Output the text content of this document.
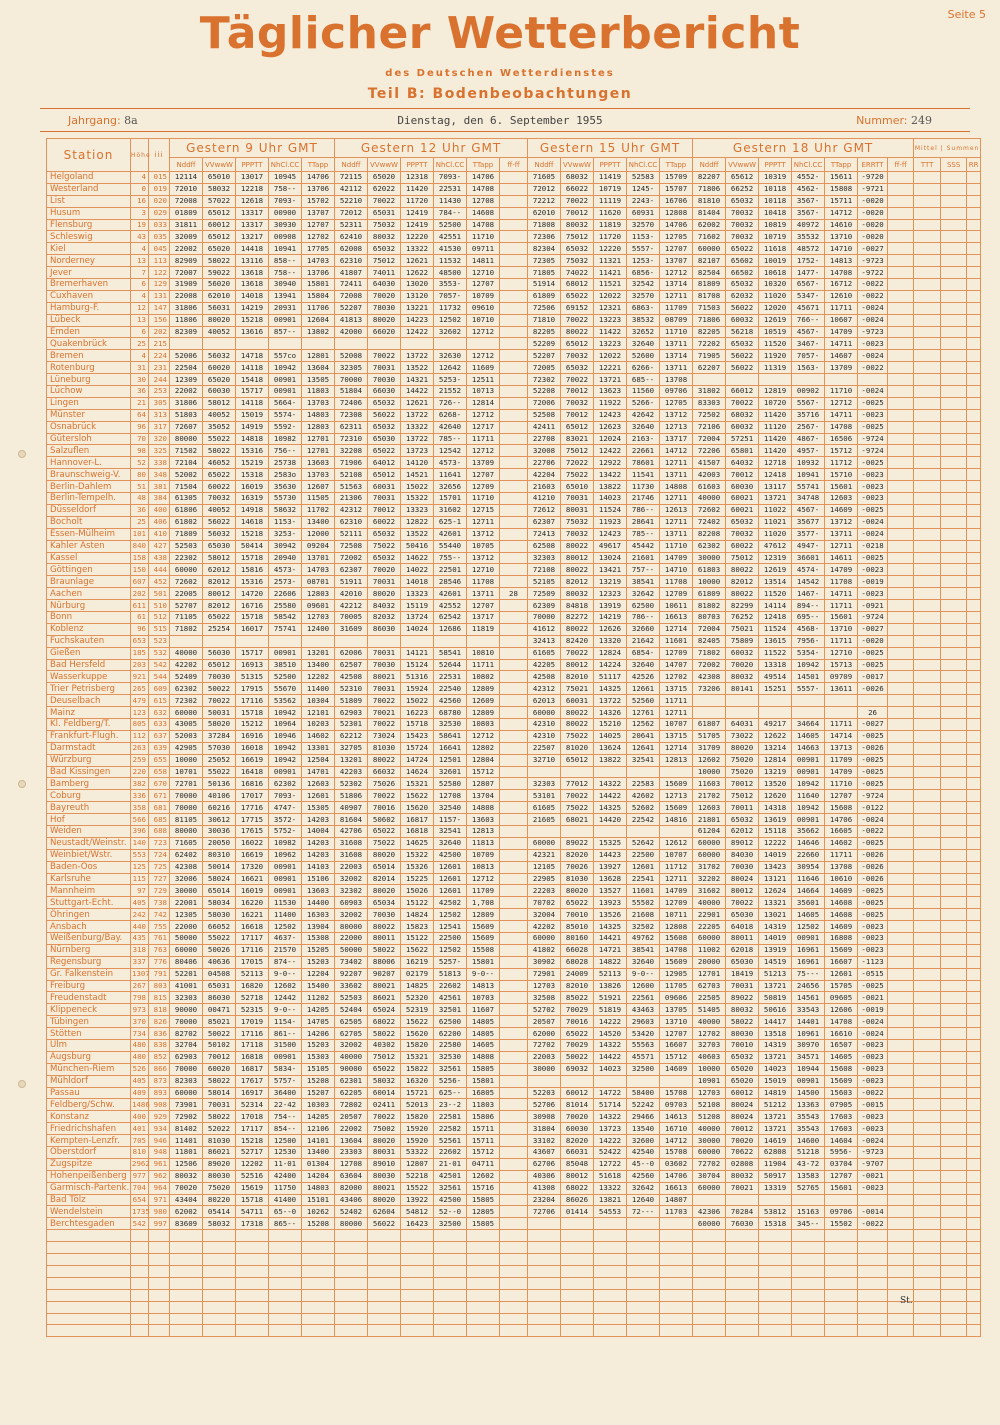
Seite 5
Täglicher Wetterbericht
des Deutschen Wetterdienstes
Teil B: Bodenbeobachtungen
Jahrgang: 8a	Dienstag, den 6. September 1955	Nummer: 249
Station	Höhe	iii	Gestern 9 Uhr GMT					Gestern 12 Uhr GMT						Gestern 15 Uhr GMT					Gestern 18 Uhr GMT							Mittel | Summen		
			Nddff	VVwwW	PPPTT	NhCl.CC	TTapp	Nddff	VVwwW	PPPTT	NhCl.CC	TTapp	ff-ff	Nddff	VVwwW	PPPTT	NhCl.CC	TTapp	Nddff	VVwwW	PPPTT	NhCl.CC	TTapp	ERRTT	ff-ff	TTT	SSS	RR
Helgoland	4	015	12114	65010	13017	10945	14706	72115	65020	12318	7093-	14706		71605	68032	11419	52583	15709	82207	65612	10319	4552-	15611	-9720				
Westerland	0	019	72010	58032	12218	758--	13706	42112	62022	11420	22531	14708		72012	66022	10719	1245-	15707	71806	66252	10118	4562-	15808	-9721				
List	16	020	72008	57022	12618	7093-	15702	52210	70022	11720	11430	12708		72212	70022	11119	2243-	16706	81810	65032	10118	3567-	15711	-0020				
Husum	3	029	01809	65012	13317	00900	13707	72012	65031	12419	784--	14608		62010	70012	11620	60931	12808	81404	70032	10418	3567-	14712	-0020				
Flensburg	19	033	31811	60012	13317	30930	12707	52311	75032	12419	52500	14708		71808	80032	11819	32570	14706	62002	70032	10819	40972	14610	-0020				
Schleswig	43	035	32009	65012	13217	00908	12702	62410	80032	12220	42551	11710		72306	75012	11720	1153-	12705	71602	70032	10719	35532	13710	-0020				
Kiel	4	045	22002	65020	14418	10941	17705	62008	65032	13322	41530	09711		82304	65032	12220	5557-	12707	60000	65022	11618	48572	14710	-0027				
Norderney	13	113	82909	58022	13116	858--	14703	62310	75012	12621	11532	14811		72305	75032	11321	1253-	13707	82107	65602	10019	1752-	14813	-9723				
Jever	7	122	72007	59022	13618	758--	13706	41807	74011	12622	48500	12710		71805	74022	11421	6856-	12712	82504	66502	10618	1477-	14708	-9722				
Bremerhaven	6	129	31909	56020	13618	30940	15801	72411	64030	13020	3553-	12707		51914	68012	11521	32542	13714	81809	65032	10320	6567-	16712	-0022				
Cuxhaven	4	131	22008	62010	14018	13941	15804	72008	70020	13120	7057-	10709		61809	65022	12022	32570	12711	81708	62032	11020	5347-	12610	-0022				
Hamburg-F.	12	147	31806	56031	14219	20931	11706	52207	78030	13221	11732	09610		72506	69152	12321	6863-	11709	71503	56022	12020	45671	11711	-0024				
Lübeck	13	156	11806	80020	15218	00901	12604	41813	80020	14223	12502	10710		71810	70022	13223	38532	08709	71806	60032	12619	766--	10607	-0024				
Emden	6	202	82309	40052	13616	857--	13802	42000	66020	12422	32602	12712		82205	80022	11422	32652	11710	82205	56218	10519	4567-	14709	-9723				
Quakenbrück	25	215												52209	65012	13223	32640	13711	72202	65032	11520	3467-	14711	-0023				
Bremen	4	224	52006	56032	14718	557co	12801	52008	70022	13722	32630	12712		52207	70032	12022	52600	13714	71905	56022	11920	7057-	14607	-0024				
Rotenburg	31	231	22504	60020	14118	10942	13604	32305	70031	13522	12642	11609		72005	65032	12221	6266-	13711	62207	56022	11319	1563-	13709	-0022				
Lüneburg	30	244	12309	65020	15418	00901	13505	70000	70030	14321	5253-	12511		72302	70022	13721	685--	13708										
Lüchow	36	253	22002	60030	15717	00901	11803	51804	66030	14422	21552	10713		52208	70012	13623	11560	09706	31802	66012	12819	00902	11710	-0024				
Lingen	21	305	31806	58012	14118	5664-	13703	72406	65032	12621	726--	12814		72006	70032	11922	5266-	12705	83303	70022	10720	5567-	12712	-0025				
Münster	64	313	51803	40052	15019	5574-	14803	72308	56022	13722	6268-	12712		52508	70012	12423	42642	13712	72502	68032	11420	35716	14711	-0023				
Osnabrück	96	317	72607	35052	14919	5592-	12803	62311	65032	13322	42640	12717		42411	65012	12623	32640	12713	72106	60032	11120	2567-	14708	-0025				
Gütersloh	70	320	80000	55022	14818	10982	12701	72310	65030	13722	785--	11711		22708	83021	12024	2163-	13717	72004	57251	11420	4867-	16506	-9724				
Salzuflen	98	325	71502	58022	15316	756--	12701	32208	65022	13723	12542	12712		32008	75012	12422	22661	14712	72206	65801	11420	4957-	15712	-9724				
Hannover-L.	52	338	72104	46052	15219	25738	13603	71906	64012	14120	4573-	13709		22706	72022	12922	78601	12711	41507	64032	12718	10932	11712	-0025				
Braunschweig-V.	80	348	52002	65022	15318	2583o	13703	52108	65012	14521	11641	12707		42204	75022	13422	11541	13711	42003	70012	12418	10941	15710	-0023				
Berlin-Dahlem	51	381	71504	60022	16019	35630	12607	51563	60031	15022	32656	12709		21603	65010	13822	11730	14808	61603	60030	13117	55741	15601	-0023				
Berlin-Tempelh.	48	384	61305	70032	16319	55730	11505	21306	70031	15322	15701	11710		41210	70031	14023	21746	12711	40000	60021	13721	34748	12603	-0023				
Düsseldorf	36	400	61806	40052	14918	58632	11702	42312	70012	13323	31602	12715		72612	80031	11524	786--	12613	72602	60021	11022	4567-	14609	-0025				
Bocholt	25	406	61802	56022	14618	1153-	13400	62310	60022	12822	625-1	12711		62307	75032	11923	28641	12711	72402	65032	11021	35677	13712	-0024				
Essen-Mülheim	101	410	71809	56032	15218	3253-	12000	52111	65032	13522	42601	13712		72413	70032	12423	785--	13711	82208	70032	11020	3577-	13711	-0024				
Kahler Asten	840	427	52503	65030	50414	30942	09204	72508	75022	50416	55440	10705		62508	80022	49617	45442	11710	62302	60022	47612	4947-	12711	-0218				
Kassel	158	438	22302	58012	15718	20940	13701	72002	65032	14622	755--	13712		32303	80012	13024	21601	14709	30000	75012	12319	36601	14611	-0025				
Göttingen	150	444	60000	62012	15816	4573-	14703	62307	70020	14022	22501	12710		72108	80022	13421	757--	14710	61803	80022	12619	4574-	14709	-0023				
Braunlage	607	452	72602	82012	15316	2573-	08701	51911	70031	14018	28546	11708		52105	82012	13219	38541	11708	10000	82012	13514	14542	11708	-0019				
Aachen	202	501	22005	80012	14720	22606	12803	42010	80020	13323	42601	13711	28	72509	80032	12323	32642	12709	61809	80022	11520	1467-	14711	-0023				
Nürburg	611	510	52707	82012	16716	25580	09601	42212	84032	15119	42552	12707		62309	84818	13919	62500	10611	81802	82299	14114	894--	11711	-0921				
Bonn	61	512	71105	65022	15718	58542	12703	70005	82032	13724	62542	13717		70000	82272	14219	786--	16613	80703	76252	12418	695--	15601	-9724				
Koblenz	96	515	71802	25254	16017	75741	12400	31609	86030	14024	12686	11819		41612	80022	12626	32660	12714	72004	75021	11524	4568-	13710	-0027				
Fuchskauten	653	523												32413	82420	13320	21642	11601	82405	75809	13615	7956-	11711	-0020				
Gießen	185	532	40000	56030	15717	00901	13201	62006	70031	14121	58541	10810		61605	70022	12824	6854-	12709	71802	60032	11522	5354-	12710	-0025				
Bad Hersfeld	203	542	42202	65012	16913	38510	13400	62507	70030	15124	52644	11711		42205	80012	14224	32640	14707	72002	70020	13318	10942	15713	-0025				
Wasserkuppe	921	544	52409	70030	51315	52500	12202	42508	80021	51316	22531	10802		42508	82010	51117	42526	12702	42308	80032	49514	14501	09709	-0017				
Trier Petrisberg	265	609	62302	50022	17915	55670	11400	52310	70031	15924	22540	12809		42312	75021	14325	12661	13715	73206	80141	15251	5557-	13611	-0026				
Deuselbach	479	615	72302	70022	17116	53562	10304	51809	70022	15022	42560	12609		62013	60031	13722	52560	11711										
Mainz	123	632	60000	50031	15718	10942	12101	62903	70021	16223	68780	12809		60000	80022	14326	12761	12711						26				
Kl. Feldberg/T.	805	633	43005	58020	15212	10964	10203	52301	70022	15718	32530	10803		42310	80022	15210	12562	10707	61807	64031	49217	34664	11711	-0027				
Frankfurt-Flugh.	112	637	52003	37284	16916	10946	14602	62212	73024	15423	58641	12712		42310	75022	14025	20641	13715	51705	73022	12622	14605	14714	-0025				
Darmstadt	263	639	42905	57030	16018	10942	13301	32705	81030	15724	16641	12802		22507	81020	13624	12641	12714	31709	80020	13214	14663	13713	-0026				
Würzburg	259	655	10000	25052	16619	10942	12504	13201	80022	14724	12501	12804		32710	65012	13822	32541	12813	12602	75020	12814	00901	11709	-0025				
Bad Kissingen	220	658	10701	55022	16418	00901	14701	42203	66032	14624	32601	15712							10000	75020	13219	00901	14709	-0025				
Bamberg	382	670	72701	50136	16816	62302	12603	52302	75026	15321	52580	12807		32303	77012	14322	22583	15609	11603	70012	13520	10942	11710	-0025				
Coburg	336	671	70000	40106	17017	7093-	12601	51806	70022	15622	12708	13704		53101	70022	14422	42602	12713	21702	75012	12620	11640	12707	-9724				
Bayreuth	358	681	70000	60216	17716	4747-	15305	40907	70016	15620	32540	14808		61605	75022	14325	52602	15609	12603	70011	14318	10942	15608	-0122				
Hof	566	685	81105	30612	17715	3572-	14203	81604	50602	16817	1157-	13603		21605	68021	14420	22542	14816	21801	65032	13619	00901	14706	-0024				
Weiden	396	688	80000	30036	17615	5752-	14004	42706	65022	16818	32541	12813							61204	62012	15118	35662	16605	-0022				
Neustadt/Weinstr.	140	723	71605	20050	16022	10982	14203	31608	75022	14625	32640	11813		60000	89022	15325	52642	12612	60000	89012	12222	14646	14602	-0025				
Weinbiet/Wstr.	553	724	62402	80310	16619	10962	14203	31608	80020	15322	42500	10709		42321	82020	14423	22500	10707	60000	84030	14019	22660	11711	-0026				
Baden-Oos	125	725	42308	50014	17320	00901	14103	22003	65014	15326	12601	10813		12105	70026	13927	12601	11712	31702	70030	13423	30954	13708	-0026				
Karlsruhe	115	727	32006	58024	16621	00901	15106	32002	82014	15225	12601	12712		22905	81030	13628	22541	12711	32202	80024	13121	11646	10610	-0026				
Mannheim	97	729	30000	65014	16019	00901	13603	32302	80020	15026	12601	11709		22203	80020	13527	11601	14709	31602	80012	12624	14664	14609	-0025				
Stuttgart-Echt.	405	738	22001	58034	16220	11530	14400	60903	65034	15122	42502	1,708		70702	65022	13923	55502	12709	40000	70022	13321	35601	14608	-0025				
Öhringen	242	742	12305	58030	16221	11400	16303	32002	70030	14824	12502	12809		32004	70010	13526	21608	10711	22901	65030	13021	14605	14608	-0025				
Ansbach	440	755	22000	66052	16618	12502	13904	80000	80022	15823	12541	15609		42202	85010	14325	32502	12808	22205	64018	14319	12502	14609	-0023				
Weißenburg/Bay.	435	761	50000	55022	17117	4637-	15308	22000	80011	15122	22500	15609		60000	80160	14421	49762	15608	60000	80011	14019	00901	16808	-0023				
Nürnberg	318	763	60000	50026	17116	21570	15205	50000	58022	15622	12502	15508		41802	66028	14721	38541	14708	11002	62018	13919	16961	15609	-0023				
Regensburg	337	776	80406	40636	17015	874--	15203	73402	88006	16219	5257-	15801		30902	68028	14822	32640	15609	20000	65030	14519	16961	16607	-1123				
Gr. Falkenstein	1307	791	52201	04508	52113	9-0--	12204	92207	90207	02179	51813	9-0--		72901	24009	52113	9-0--	12905	12701	18419	51213	75---	12601	-0515				
Freiburg	267	803	41001	65031	16820	12602	15400	33602	80021	14825	22602	14813		12703	82010	13826	12600	11705	62703	70031	13721	24656	15705	-0025				
Freudenstadt	798	815	32303	86030	52718	12442	11202	52503	86021	52320	42561	10703		32508	85022	51921	22561	09606	22505	89022	50819	14561	09605	-0021				
Klippeneck	973	818	90000	00471	52315	9-0--	14205	52404	65024	52319	32501	11607		52702	70029	51819	43463	13705	51405	80032	50616	33543	12606	-0019				
Tübingen	370	826	70000	85021	17019	1154-	14705	62505	68022	15622	62500	14805		20507	70016	14222	29603	13710	40000	58022	14417	14401	14708	-0024				
Stötten	734	836	82702	50022	17116	861--	14206	62705	58022	15620	62200	14805		62000	65022	14520	53420	12707	12702	80030	13518	10961	16610	-0024				
Ulm	480	838	32704	50102	17118	31500	15203	32002	40302	15820	22580	14605		72702	70029	14322	55563	16607	32703	70010	14319	30970	16507	-0023				
Augsburg	480	852	62903	70012	16818	00901	15303	40000	75012	15321	32530	14808		22003	50022	14422	45571	15712	40603	65032	13721	34571	14605	-0023				
München-Riem	526	866	70000	60020	16817	5834-	15105	90000	65022	15822	32561	15805		30000	69032	14023	32500	14609	10000	65020	14023	10944	15608	-0023				
Mühldorf	405	873	82303	58022	17617	5757-	15208	62301	58032	16320	5256-	15801							10901	65020	15019	00901	15609	-0023				
Passau	409	893	60000	58014	16917	36400	15207	62205	60014	15721	625--	16805		52203	60012	14722	58400	15708	12703	60012	14819	14500	15603	-0022				
Feldberg/Schw.	1486	908	73901	70031	52314	22-42	10303	72802	02411	52013	23--2	11803		52706	81014	51714	52242	09703	52108	80024	51212	13363	07905	-0015				
Konstanz	400	929	72902	58022	17018	754--	14205	20507	70022	15820	22581	15806		30908	70020	14322	29466	14613	51208	80024	13721	35543	17603	-0023				
Friedrichshafen	401	934	81402	52022	17117	854--	12106	22002	75002	15920	22582	15711		31804	60030	13723	13540	16710	40000	70012	13721	35543	17603	-0023				
Kempten-Lenzfr.	705	946	11401	81030	15218	12500	14101	13604	80020	15920	52561	15711		33102	82020	14222	32600	14712	30000	70020	14619	14600	14604	-0024				
Oberstdorf	810	948	11801	86021	52717	12530	13400	23303	80031	53322	22602	15712		43607	66031	52422	42540	15708	60000	70622	62808	51218	5956-	-9723				
Zugspitze	2962	961	12506	89020	12202	11-01	01304	12708	89010	12807	21-01	04711		62706	85048	12722	45--0	03602	72702	02808	11904	43-72	03704	-9707				
Hohenpeißenberg	977	962	80032	80030	52516	42400	14204	63604	80030	52218	42501	12602		40306	80012	51618	42560	14706	30704	80032	50917	13583	12707	-0021				
Garmisch-Partenk.	704	964	70020	75020	15619	11750	14803	82000	80021	15522	32561	15716		41308	68022	13322	32642	16613	60000	70021	13319	52765	15601	-0023				
Bad Tölz	654	971	43404	80220	15718	41400	15101	43406	80020	13922	42500	15805		23204	86026	13821	12640	14807										
Wendelstein	1735	980	62002	05414	54711	65--0	10262	52402	62604	54812	52--0	12805		72706	01414	54553	72---	11703	42306	70284	53812	15163	09706	-0014				
Berchtesgaden	542	997	83609	58032	17318	865--	15208	80000	56022	16423	32500	15805							60000	76030	15318	345--	15502	-0022				

St.
